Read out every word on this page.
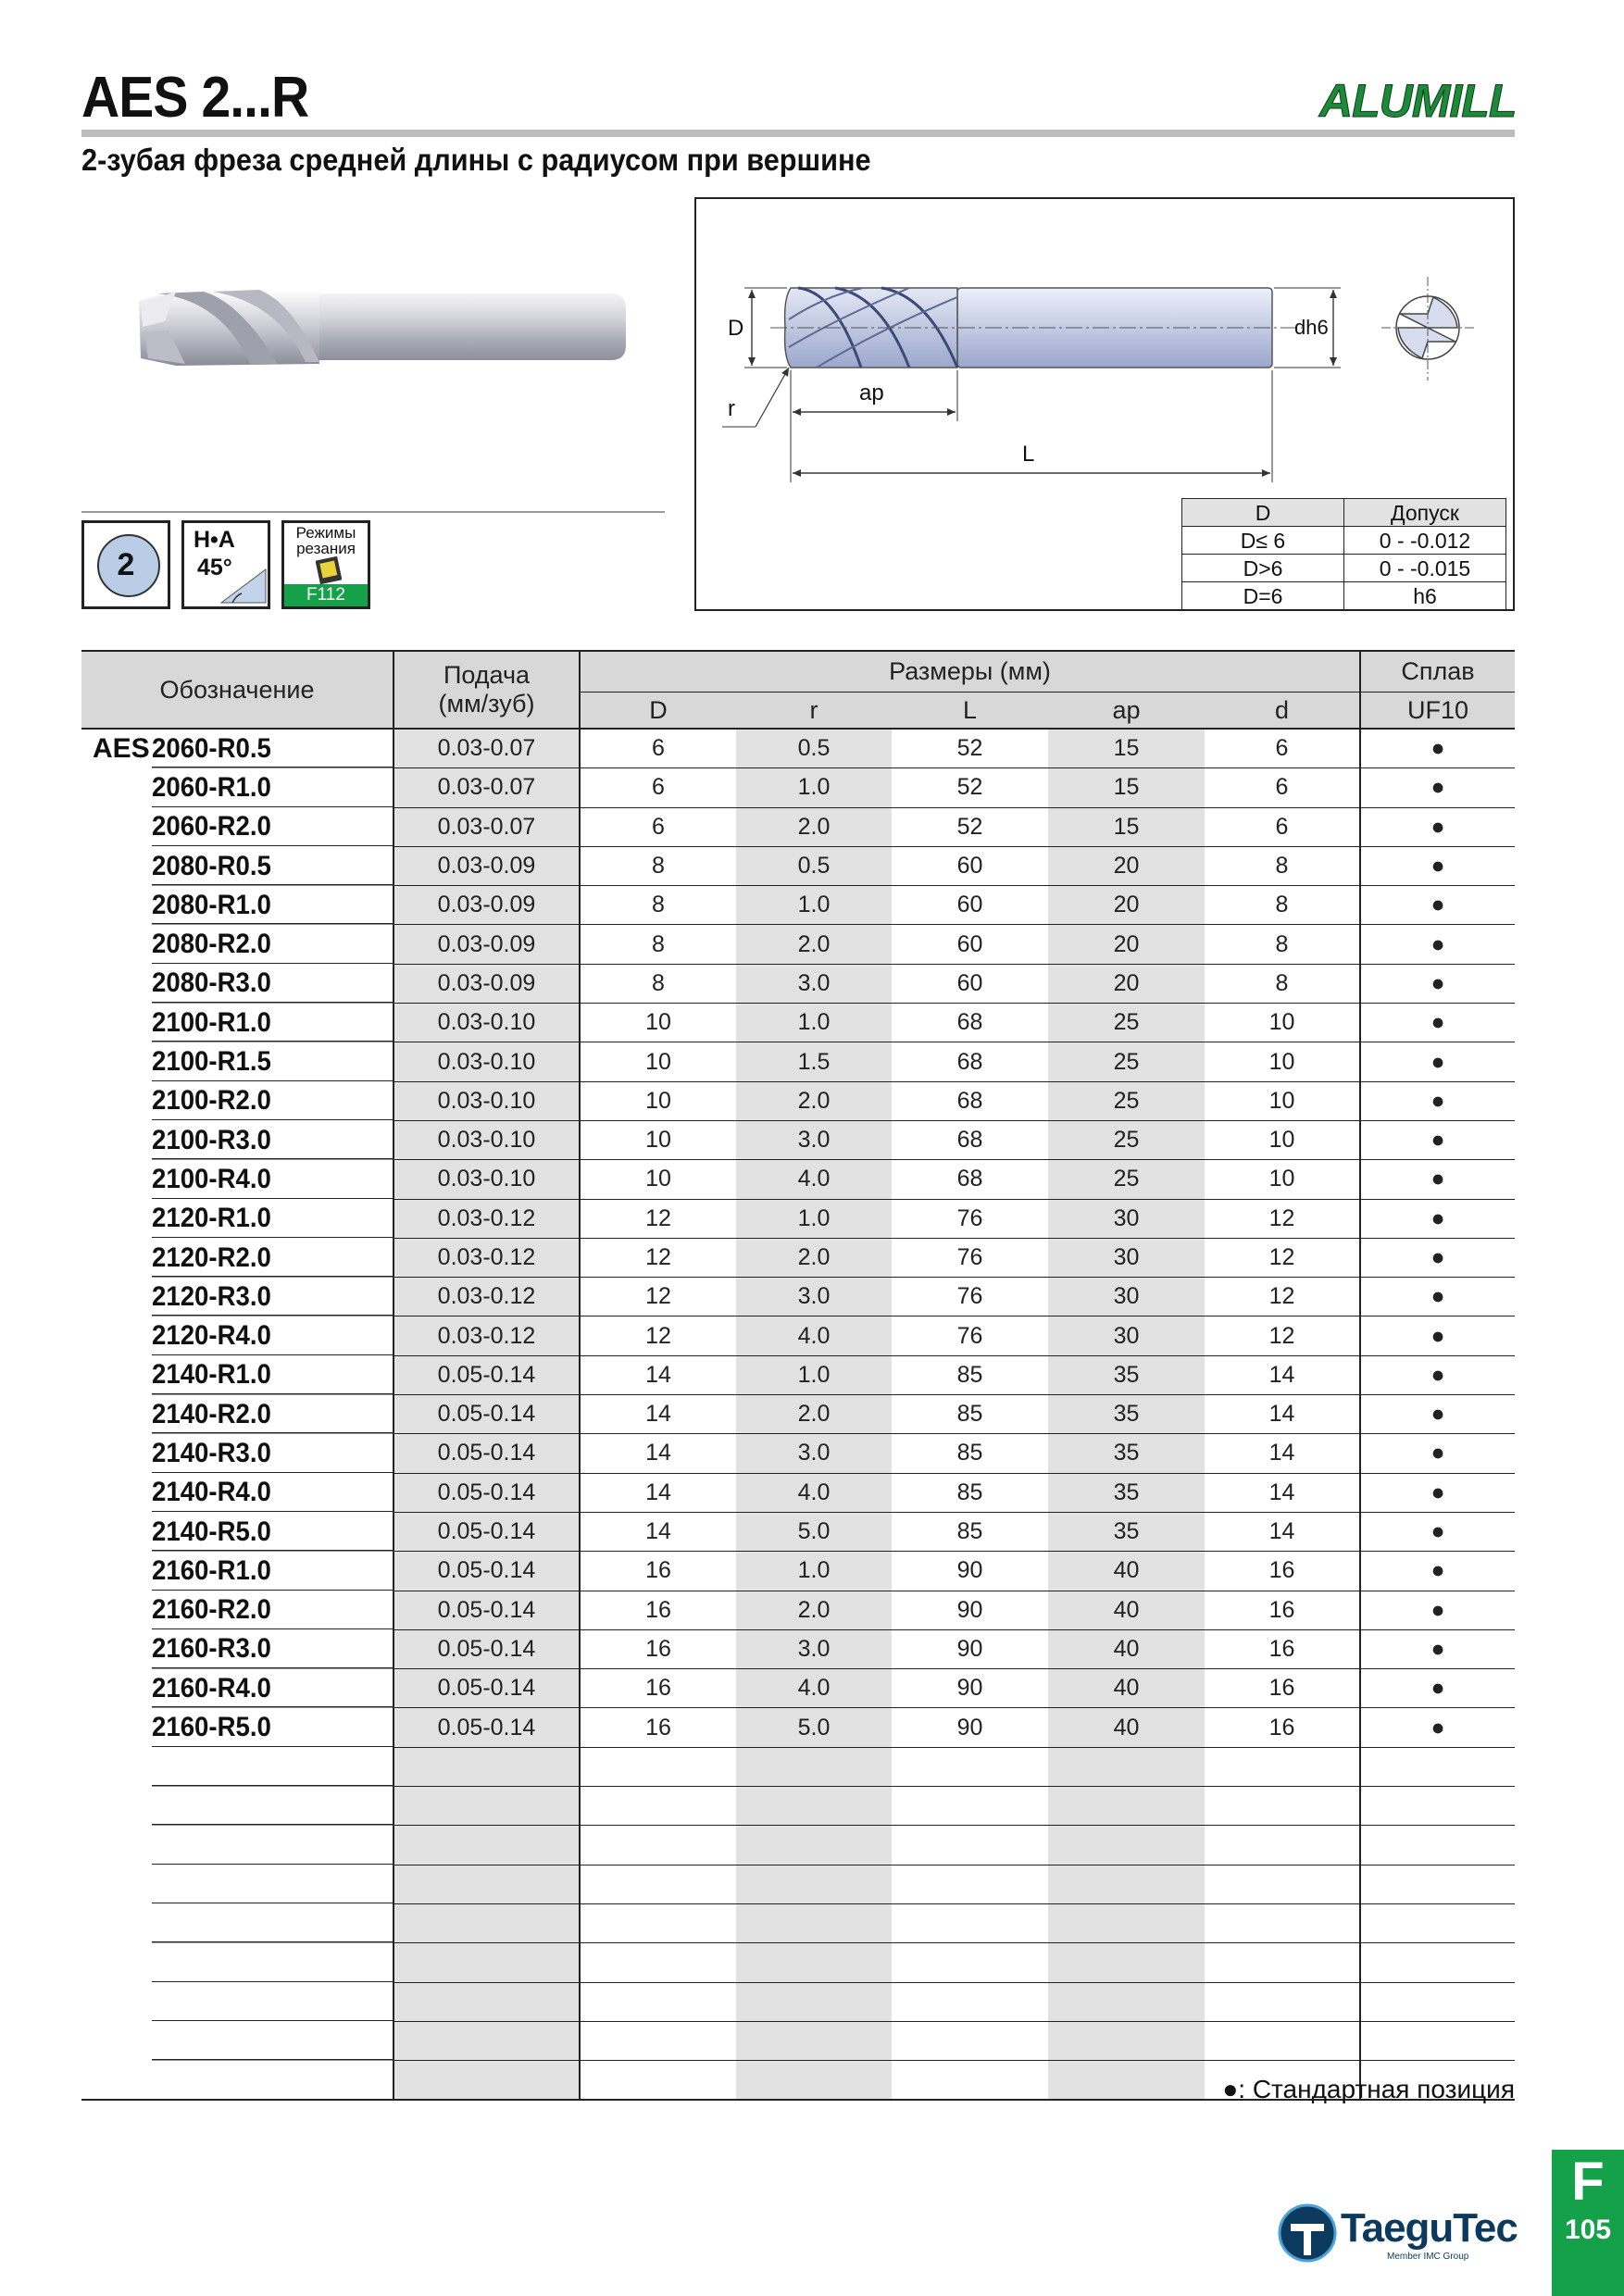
AES 2...R	ALUMILL
2-зубая фреза средней длины с радиусом при вершине
2
H•A
45°
Режимы резания
F112
D
r
ap
L
dh6
D	Допуск
D≤ 6	0 - -0.012
D>6	0 - -0.015
D=6	h6
Обозначение	Подача (мм/зуб)	Размеры (мм)					Сплав
		D	r	L	ap	d	UF10
AES2060-R0.5	0.03-0.07	6	0.5	52	15	6	●
2060-R1.0	0.03-0.07	6	1.0	52	15	6	●
2060-R2.0	0.03-0.07	6	2.0	52	15	6	●
2080-R0.5	0.03-0.09	8	0.5	60	20	8	●
2080-R1.0	0.03-0.09	8	1.0	60	20	8	●
2080-R2.0	0.03-0.09	8	2.0	60	20	8	●
2080-R3.0	0.03-0.09	8	3.0	60	20	8	●
2100-R1.0	0.03-0.10	10	1.0	68	25	10	●
2100-R1.5	0.03-0.10	10	1.5	68	25	10	●
2100-R2.0	0.03-0.10	10	2.0	68	25	10	●
2100-R3.0	0.03-0.10	10	3.0	68	25	10	●
2100-R4.0	0.03-0.10	10	4.0	68	25	10	●
2120-R1.0	0.03-0.12	12	1.0	76	30	12	●
2120-R2.0	0.03-0.12	12	2.0	76	30	12	●
2120-R3.0	0.03-0.12	12	3.0	76	30	12	●
2120-R4.0	0.03-0.12	12	4.0	76	30	12	●
2140-R1.0	0.05-0.14	14	1.0	85	35	14	●
2140-R2.0	0.05-0.14	14	2.0	85	35	14	●
2140-R3.0	0.05-0.14	14	3.0	85	35	14	●
2140-R4.0	0.05-0.14	14	4.0	85	35	14	●
2140-R5.0	0.05-0.14	14	5.0	85	35	14	●
2160-R1.0	0.05-0.14	16	1.0	90	40	16	●
2160-R2.0	0.05-0.14	16	2.0	90	40	16	●
2160-R3.0	0.05-0.14	16	3.0	90	40	16	●
2160-R4.0	0.05-0.14	16	4.0	90	40	16	●
2160-R5.0	0.05-0.14	16	5.0	90	40	16	●

●: Стандартная позиция
TaeguTec
Member IMC Group
F
105
